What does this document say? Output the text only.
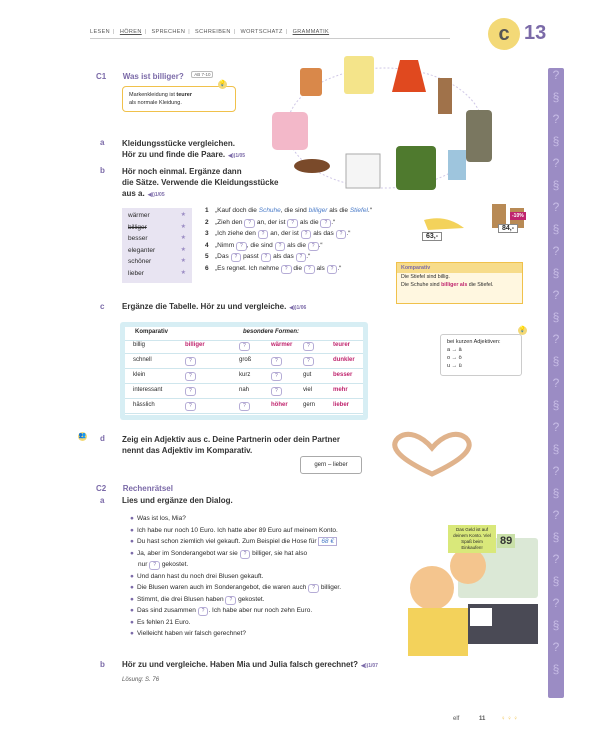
LESEN | HÖREN | SPRECHEN | SCHREIBEN | WORTSCHATZ | GRAMMATIK	c 13
?
§
?
§
?
§
?
§
?
§
?
§
?
§
?
§
?
§
?
§
?
§
?
§
?
§
?
§
C1 Was ist billiger? AB 7-10
Markenkleidung ist teurer
als normale Kleidung.
💡
a Kleidungsstücke vergleichen.
Hör zu und finde die Paare. ◀))1/05
b Hör noch einmal. Ergänze dann
die Sätze. Verwende die Kleidungsstücke
aus a. ◀))1/05
wärmer	★
billiger	★
besser	★
eleganter	★
schöner	★
lieber	★
1 „Kauf doch die Schuhe, die sind billiger als die Stiefel.“
2 „Zieh den ? an, der ist ? als die ? .“
3 „Ich ziehe den ? an, der ist ? als das ? .“
4 „Nimm ? , die sind ? als die ? .“
5 „Das ? passt ? als das ? .“
6 „Es regnet. Ich nehme ? die ? als ? .“
63,-
84,-
-10%
Komparativ
Die Stiefel sind billig.
Die Schuhe sind billiger als die Stiefel.
c Ergänze die Tabelle. Hör zu und vergleiche. ◀))1/06
Komparativ	besondere Formen:
billig	billiger	?	wärmer	?	teurer
schnell	?	groß	?	?	dunkler
klein	?	kurz	?	gut	besser
interessant	?	nah	?	viel	mehr
hässlich	?	?	höher	gern	lieber
bei kurzen Adjektiven:
a → ä
o → ö
u → ü
💡
👥 d Zeig ein Adjektiv aus c. Deine Partnerin oder dein Partner
nennt das Adjektiv im Komparativ.
gern – lieber
C2 Rechenrätsel
a Lies und ergänze den Dialog.
● Was ist los, Mia?
● Ich habe nur noch 10 Euro. Ich hatte aber 89 Euro auf meinem Konto.
● Du hast schon ziemlich viel gekauft. Zum Beispiel die Hose für 68 €
● Ja, aber im Sonderangebot war sie ? billiger, sie hat also
nur ? gekostet.
● Und dann hast du noch drei Blusen gekauft.
● Die Blusen waren auch im Sonderangebot, die waren auch ? billiger.
● Stimmt, die drei Blusen haben ? gekostet.
● Das sind zusammen ? . Ich habe aber nur noch zehn Euro.
● Es fehlen 21 Euro.
● Vielleicht haben wir falsch gerechnet?
Das Geld ist auf deinem Konto. Viel Spaß beim Einkaufen!
89
b Hör zu und vergleiche. Haben Mia und Julia falsch gerechnet? ◀))1/07
Lösung: S. 76
elf	11	♀ ♀ ♀
